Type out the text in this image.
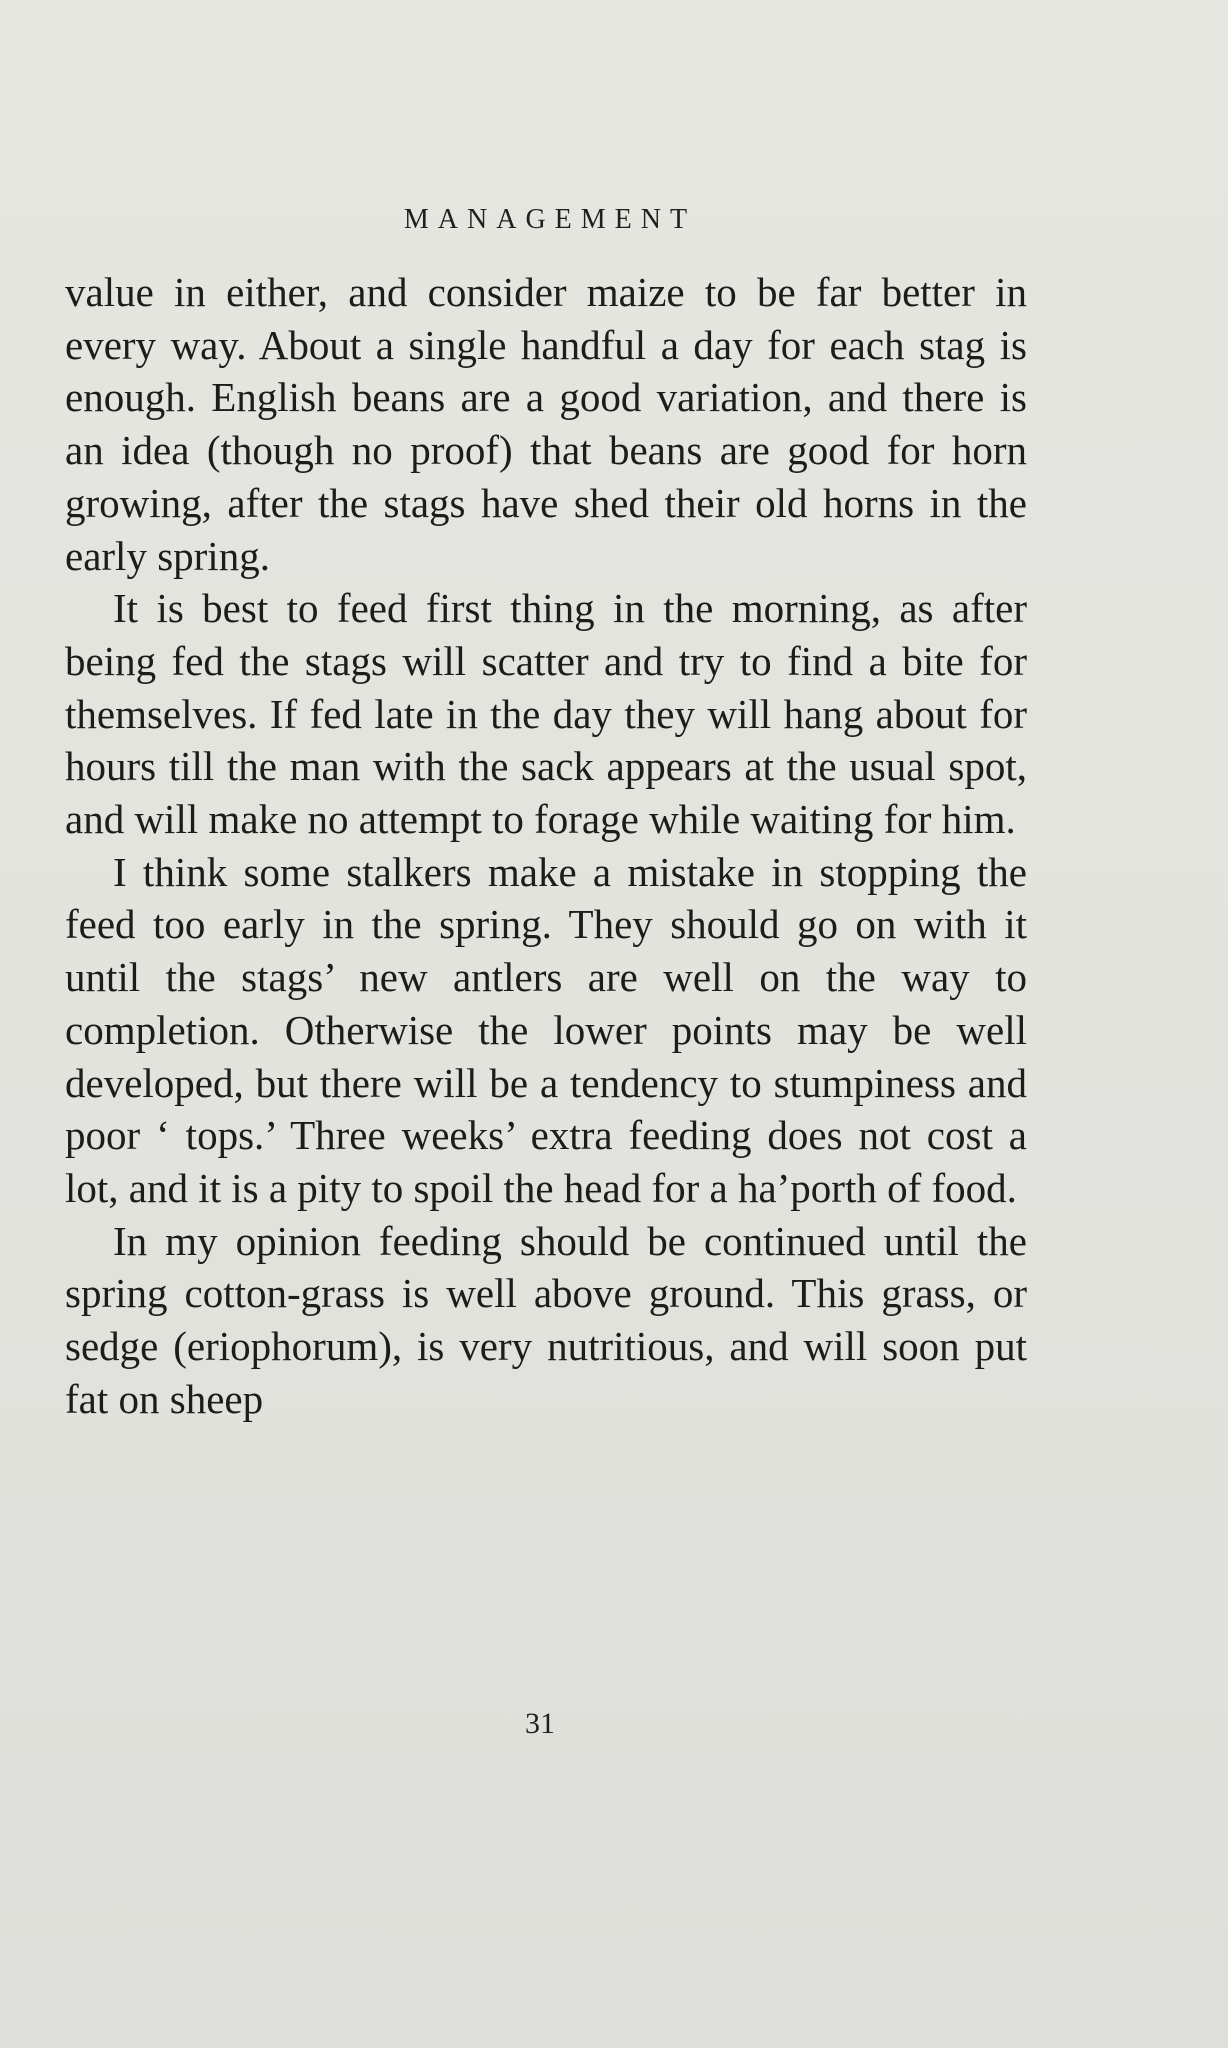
MANAGEMENT

value in either, and consider maize to be far better in every way. About a single handful a day for each stag is enough. English beans are a good variation, and there is an idea (though no proof) that beans are good for horn growing, after the stags have shed their old horns in the early spring.

It is best to feed first thing in the morning, as after being fed the stags will scatter and try to find a bite for themselves. If fed late in the day they will hang about for hours till the man with the sack appears at the usual spot, and will make no attempt to forage while waiting for him.

I think some stalkers make a mistake in stopping the feed too early in the spring. They should go on with it until the stags’ new antlers are well on the way to completion. Otherwise the lower points may be well developed, but there will be a tendency to stumpiness and poor ‘ tops.’ Three weeks’ extra feeding does not cost a lot, and it is a pity to spoil the head for a ha’porth of food.

In my opinion feeding should be continued until the spring cotton-grass is well above ground. This grass, or sedge (eriophorum), is very nutritious, and will soon put fat on sheep

31
